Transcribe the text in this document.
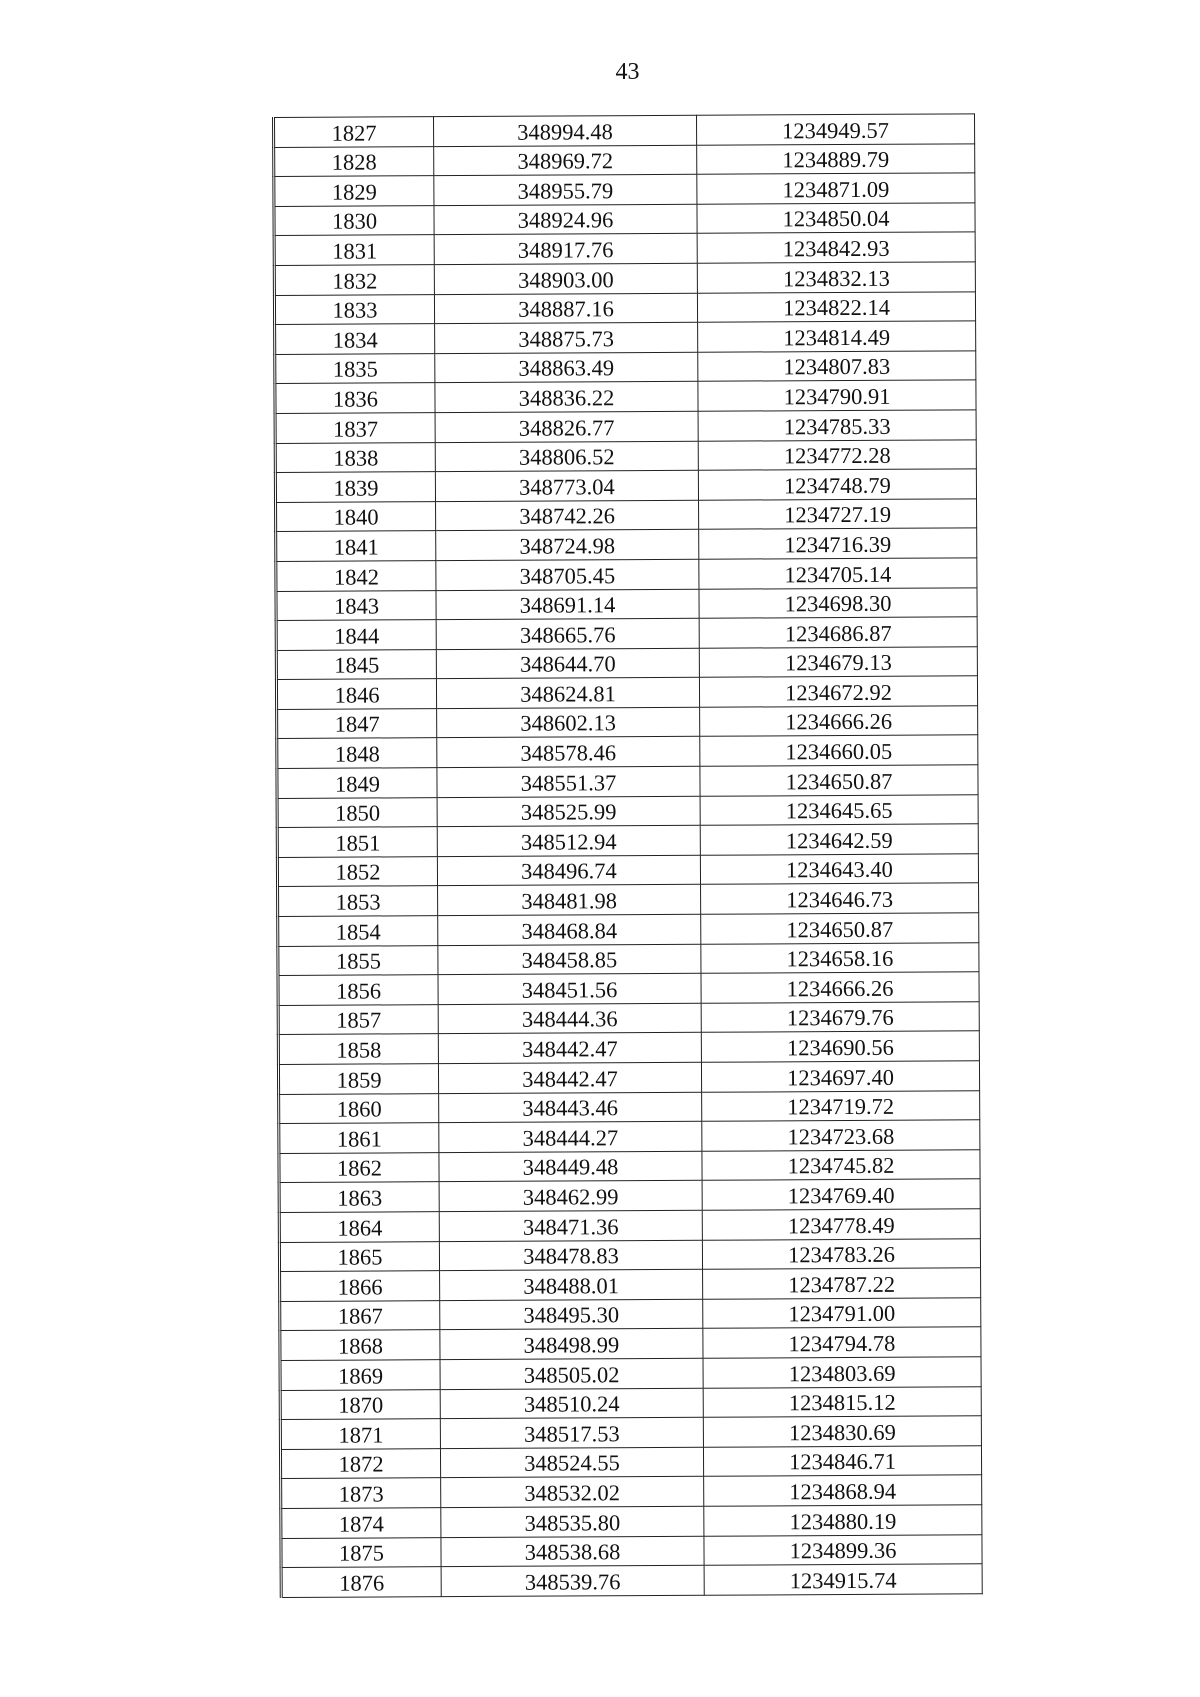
43
1827	348994.48	1234949.57
1828	348969.72	1234889.79
1829	348955.79	1234871.09
1830	348924.96	1234850.04
1831	348917.76	1234842.93
1832	348903.00	1234832.13
1833	348887.16	1234822.14
1834	348875.73	1234814.49
1835	348863.49	1234807.83
1836	348836.22	1234790.91
1837	348826.77	1234785.33
1838	348806.52	1234772.28
1839	348773.04	1234748.79
1840	348742.26	1234727.19
1841	348724.98	1234716.39
1842	348705.45	1234705.14
1843	348691.14	1234698.30
1844	348665.76	1234686.87
1845	348644.70	1234679.13
1846	348624.81	1234672.92
1847	348602.13	1234666.26
1848	348578.46	1234660.05
1849	348551.37	1234650.87
1850	348525.99	1234645.65
1851	348512.94	1234642.59
1852	348496.74	1234643.40
1853	348481.98	1234646.73
1854	348468.84	1234650.87
1855	348458.85	1234658.16
1856	348451.56	1234666.26
1857	348444.36	1234679.76
1858	348442.47	1234690.56
1859	348442.47	1234697.40
1860	348443.46	1234719.72
1861	348444.27	1234723.68
1862	348449.48	1234745.82
1863	348462.99	1234769.40
1864	348471.36	1234778.49
1865	348478.83	1234783.26
1866	348488.01	1234787.22
1867	348495.30	1234791.00
1868	348498.99	1234794.78
1869	348505.02	1234803.69
1870	348510.24	1234815.12
1871	348517.53	1234830.69
1872	348524.55	1234846.71
1873	348532.02	1234868.94
1874	348535.80	1234880.19
1875	348538.68	1234899.36
1876	348539.76	1234915.74
